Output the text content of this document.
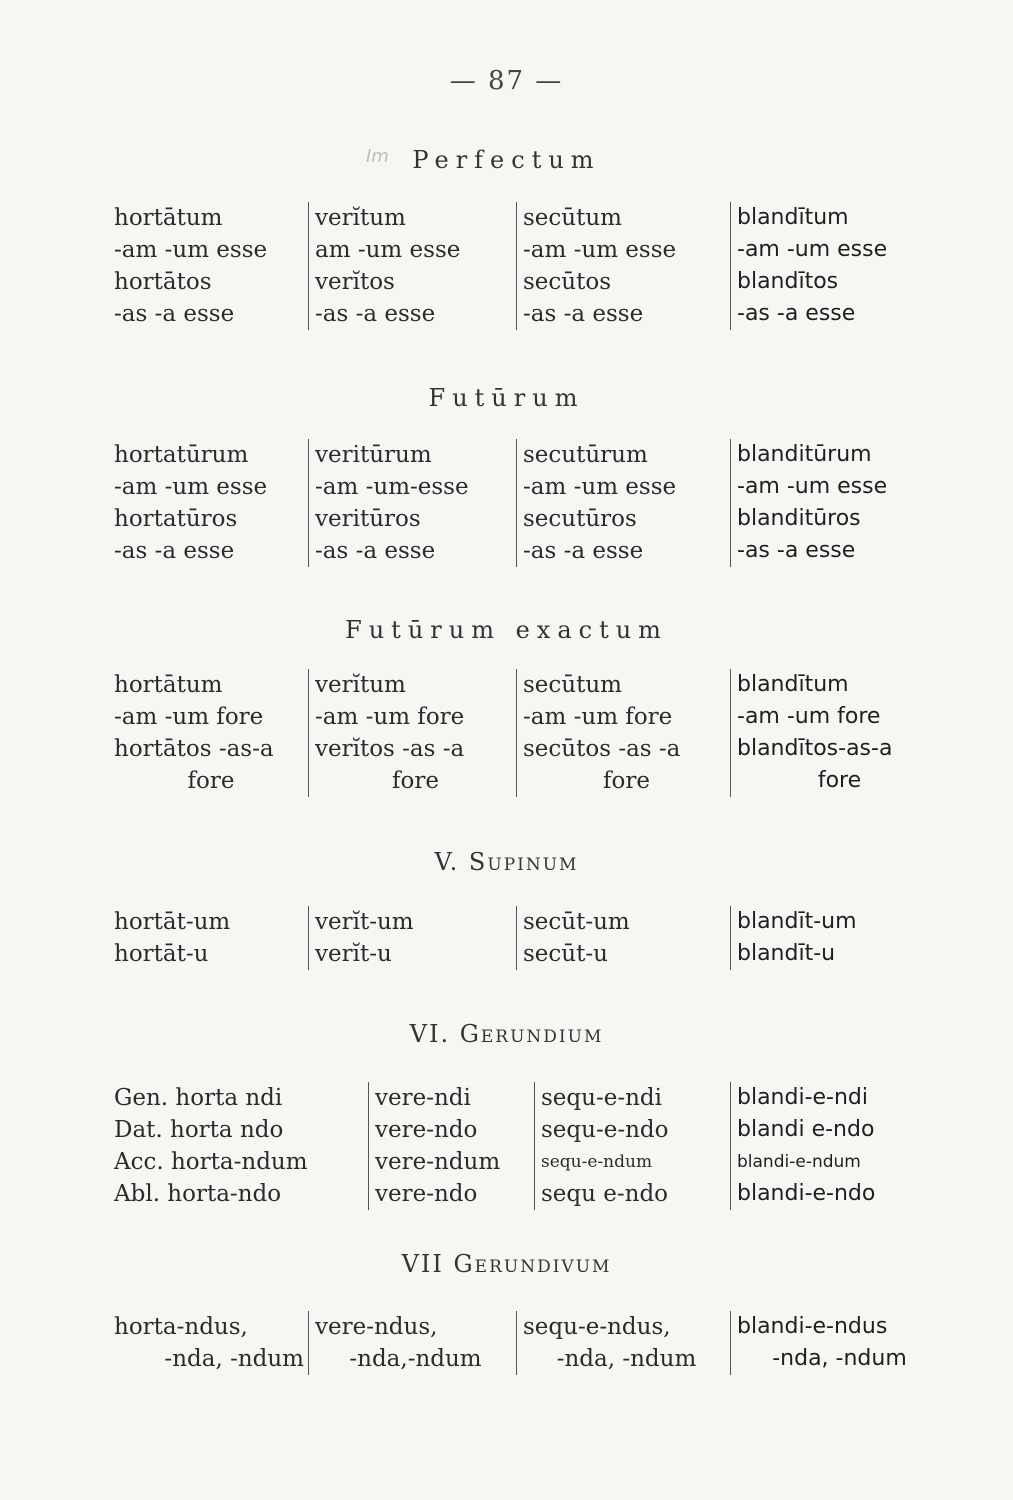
— 87 —
Im Perfectum
hortātum
-am -um esse
hortātos
-as -a esse
verĭtum
am -um esse
verĭtos
-as -a esse
secūtum
-am -um esse
secūtos
-as -a esse
blandītum
-am -um esse
blandītos
-as -a esse
Futūrum
hortatūrum
-am -um esse
hortatūros
-as -a esse
veritūrum
-am -um-esse
veritūros
-as -a esse
secutūrum
-am -um esse
secutūros
-as -a esse
blanditūrum
-am -um esse
blanditūros
-as -a esse
Futūrum exactum
hortātum
-am -um fore
hortātos -as-a
fore
verĭtum
-am -um fore
verĭtos -as -a
fore
secūtum
-am -um fore
secūtos -as -a
fore
blandītum
-am -um fore
blandītos-as-a
fore
V. Supinum
hortāt-um
hortāt-u
verĭt-um
verĭt-u
secūt-um
secūt-u
blandīt-um
blandīt-u
VI. Gerundium
Gen. horta ndi
Dat. horta ndo
Acc. horta-ndum
Abl. horta-ndo
vere-ndi
vere-ndo
vere-ndum
vere-ndo
sequ-e-ndi
sequ-e-ndo
sequ-e-ndum
sequ e-ndo
blandi-e-ndi
blandi e-ndo
blandi-e-ndum
blandi-e-ndo
VII Gerundivum
horta-ndus,
-nda, -ndum
vere-ndus,
-nda,-ndum
sequ-e-ndus,
-nda, -ndum
blandi-e-ndus
-nda, -ndum
